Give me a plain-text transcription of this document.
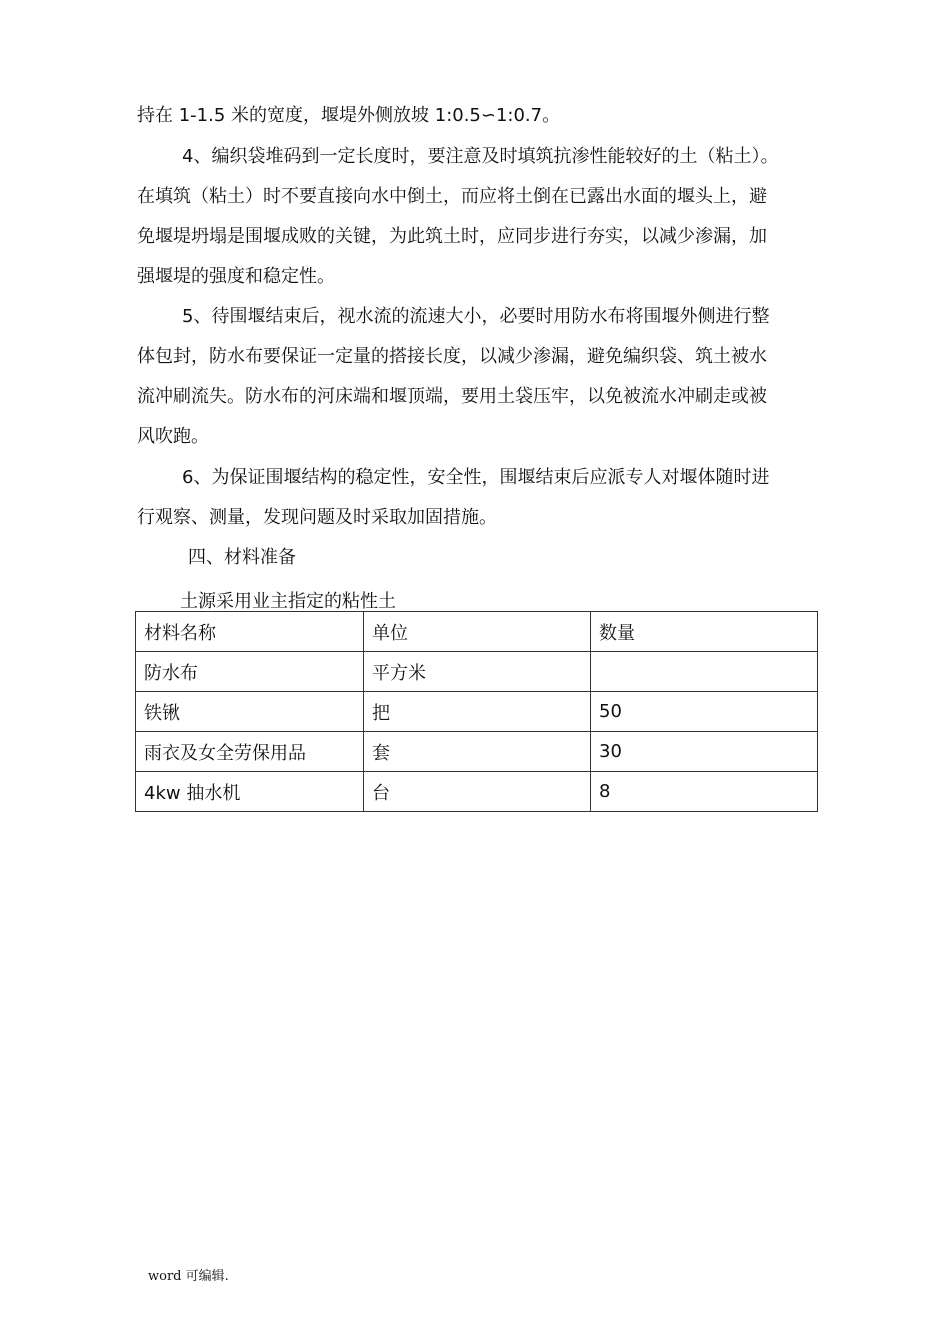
持在 1-1.5 米的宽度，堰堤外侧放坡 1:0.5∽1:0.7。
4、编织袋堆码到一定长度时，要注意及时填筑抗渗性能较好的土（粘土）。
在填筑（粘土）时不要直接向水中倒土，而应将土倒在已露出水面的堰头上，避
免堰堤坍塌是围堰成败的关键，为此筑土时，应同步进行夯实，以减少渗漏，加
强堰堤的强度和稳定性。
5、待围堰结束后，视水流的流速大小，必要时用防水布将围堰外侧进行整
体包封，防水布要保证一定量的搭接长度，以减少渗漏，避免编织袋、筑土被水
流冲刷流失。防水布的河床端和堰顶端，要用土袋压牢，以免被流水冲刷走或被
风吹跑。
6、为保证围堰结构的稳定性，安全性，围堰结束后应派专人对堰体随时进
行观察、测量，发现问题及时采取加固措施。
四、材料准备
土源采用业主指定的粘性土
材料名称	单位	数量
防水布	平方米	
铁锹	把	50
雨衣及女全劳保用品	套	30
4kw 抽水机	台	8
word 可编辑.
